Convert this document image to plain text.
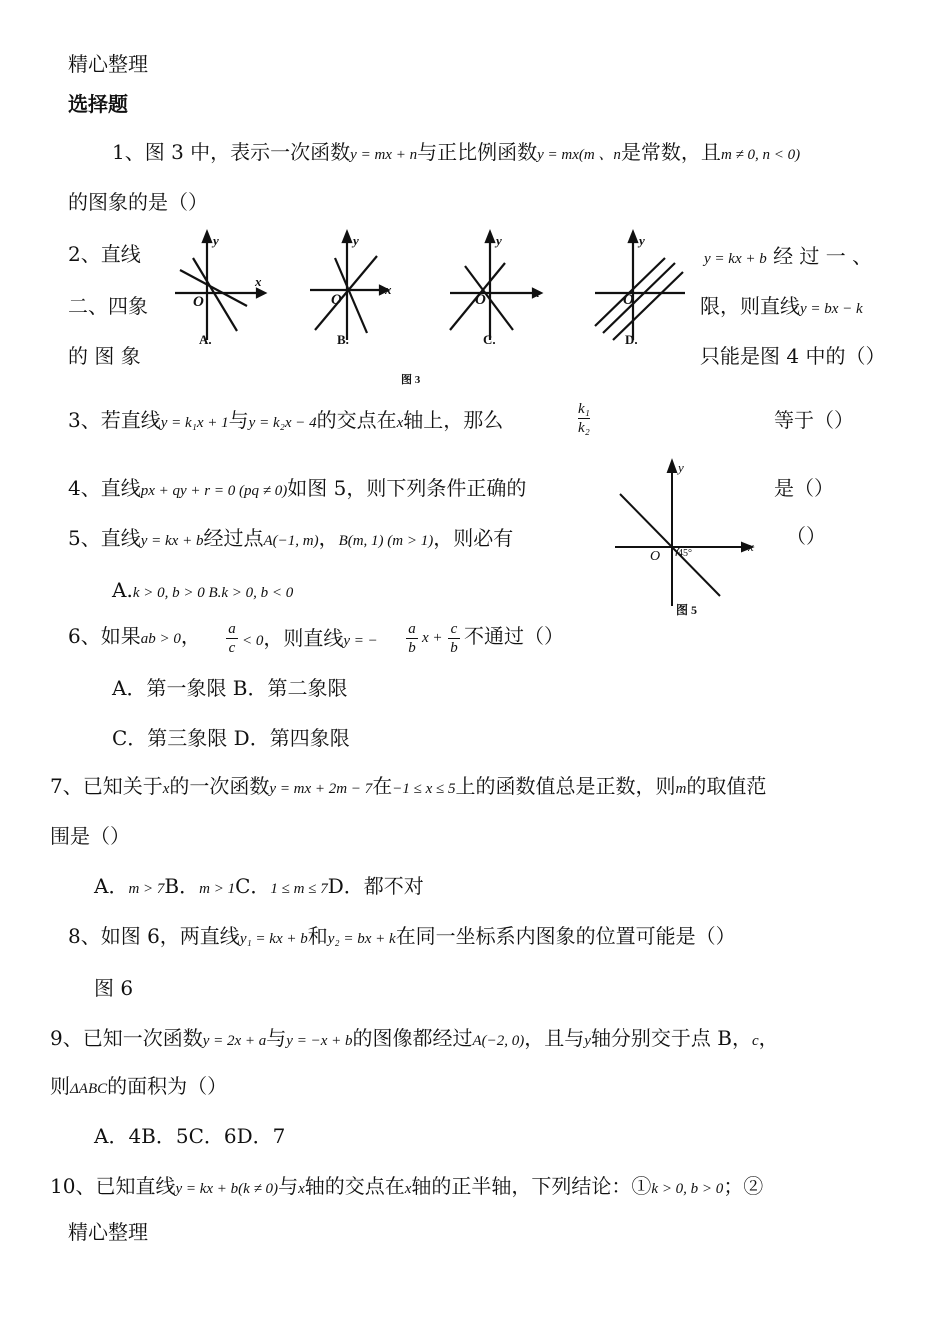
精心整理
选择题
1、图 3 中，表示一次函数y = mx + n与正比例函数y = mx(m 、n是常数，且m ≠ 0, n < 0)
的图象的是（）
y
x
O
y
x
O
y
x
O
y
O
A.	B.	C.	D.
图 3
2、直线	y = kx + b 经 过 一 、
二、四象	限，则直线y = bx − k
的 图 象	只能是图 4 中的（）
3、若直线y = k₁x + 1与y = k₂x − 4的交点在x轴上，那么	$\frac{\text{k₁}}{\text{k₂}}$	等于（）
4、直线px + qy + r = 0 (pq ≠ 0)如图 5，则下列条件正确的	是（）
y
x
O 45°
图 5
5、直线y = kx + b经过点A(−1, m)，B(m, 1) (m > 1)，则必有	（）
A.k > 0, b > 0 B.k > 0, b < 0
6、如果ab > 0， $\frac{a}{c} < 0$，则直线y = − $\frac{a}{b}$ $x + \frac{c}{b}$ 不通过（）
A．第一象限 B．第二象限
C．第三象限 D．第四象限
7、已知关于x的一次函数y = mx + 2m − 7在−1 ≤ x ≤ 5上的函数值总是正数，则m的取值范
围是（）
A．m > 7B．m > 1C．1 ≤ m ≤ 7D．都不对
8、如图 6，两直线y₁ = kx + b和y₂ = bx + k在同一坐标系内图象的位置可能是（）
图 6
9、已知一次函数y = 2x + a与y = −x + b的图像都经过A(−2, 0)，且与y轴分别交于点 B，c，
则ΔABC的面积为（）
A．4B．5C．6D．7
10、已知直线y = kx + b(k ≠ 0)与x轴的交点在x轴的正半轴，下列结论：①k > 0, b > 0；②
精心整理
